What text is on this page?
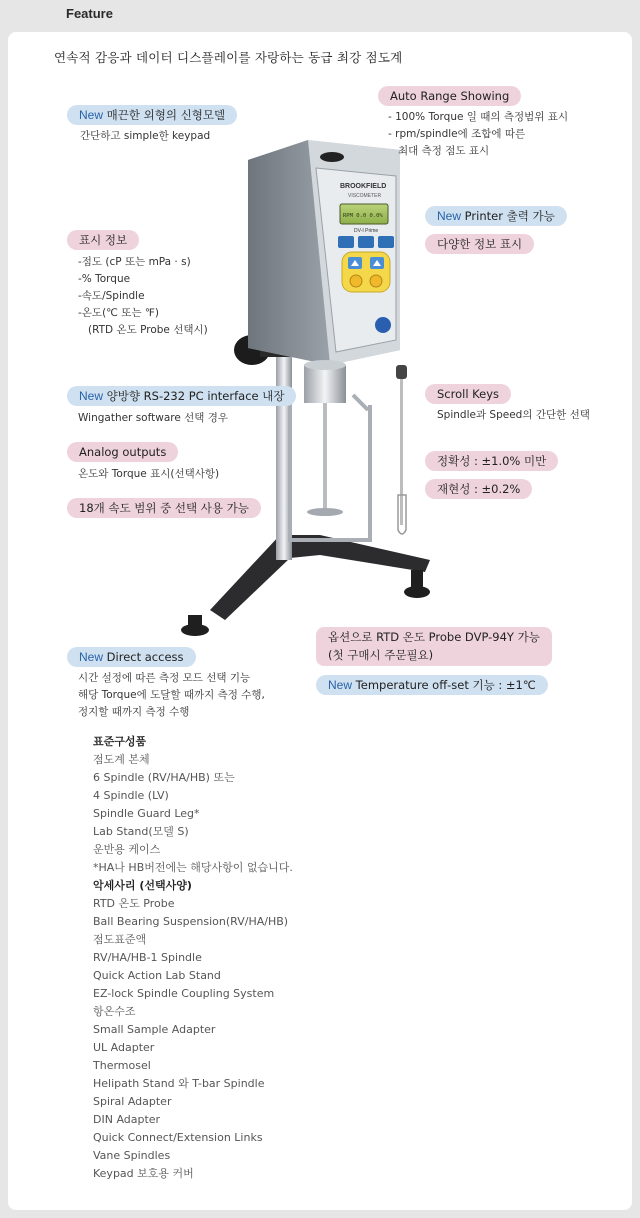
Feature
연속적 감응과 데이터 디스플레이를 자랑하는 동급 최강 점도계
BROOKFIELD
VISCOMETER
RPM 0.0 0.0%
DV-I Prime
New 매끈한 외형의 신형모델
간단하고 simple한 keypad
표시 정보
-점도 (cP 또는 mPa · s)
-% Torque
-속도/Spindle
-온도(℃ 또는 ℉)
(RTD 온도 Probe 선택시)
New 양방향 RS-232 PC interface 내장
Wingather software 선택 경우
Analog outputs
온도와 Torque 표시(선택사항)
18개 속도 범위 중 선택 사용 가능
New Direct access
시간 설정에 따른 측정 모드 선택 기능
해당 Torque에 도달할 때까지 측정 수행,
정지할 때까지 측정 수행
Auto Range Showing
- 100% Torque 일 때의 측정범위 표시
- rpm/spindle에 조합에 따른
최대 측정 점도 표시
New Printer 출력 가능
다양한 정보 표시
Scroll Keys
Spindle과 Speed의 간단한 선택
정확성 : ±1.0% 미만
재현성 : ±0.2%
옵션으로 RTD 온도 Probe DVP-94Y 가능
(첫 구매시 주문필요)
New Temperature off-set 기능 : ±1℃
표준구성품
점도계 본체
6 Spindle (RV/HA/HB) 또는
4 Spindle (LV)
Spindle Guard Leg*
Lab Stand(모델 S)
운반용 케이스
*HA나 HB버전에는 해당사항이 없습니다.
악세사리 (선택사양)
RTD 온도 Probe
Ball Bearing Suspension(RV/HA/HB)
점도표준액
RV/HA/HB-1 Spindle
Quick Action Lab Stand
EZ-lock Spindle Coupling System
항온수조
Small Sample Adapter
UL Adapter
Thermosel
Helipath Stand 와 T-bar Spindle
Spiral Adapter
DIN Adapter
Quick Connect/Extension Links
Vane Spindles
Keypad 보호용 커버
